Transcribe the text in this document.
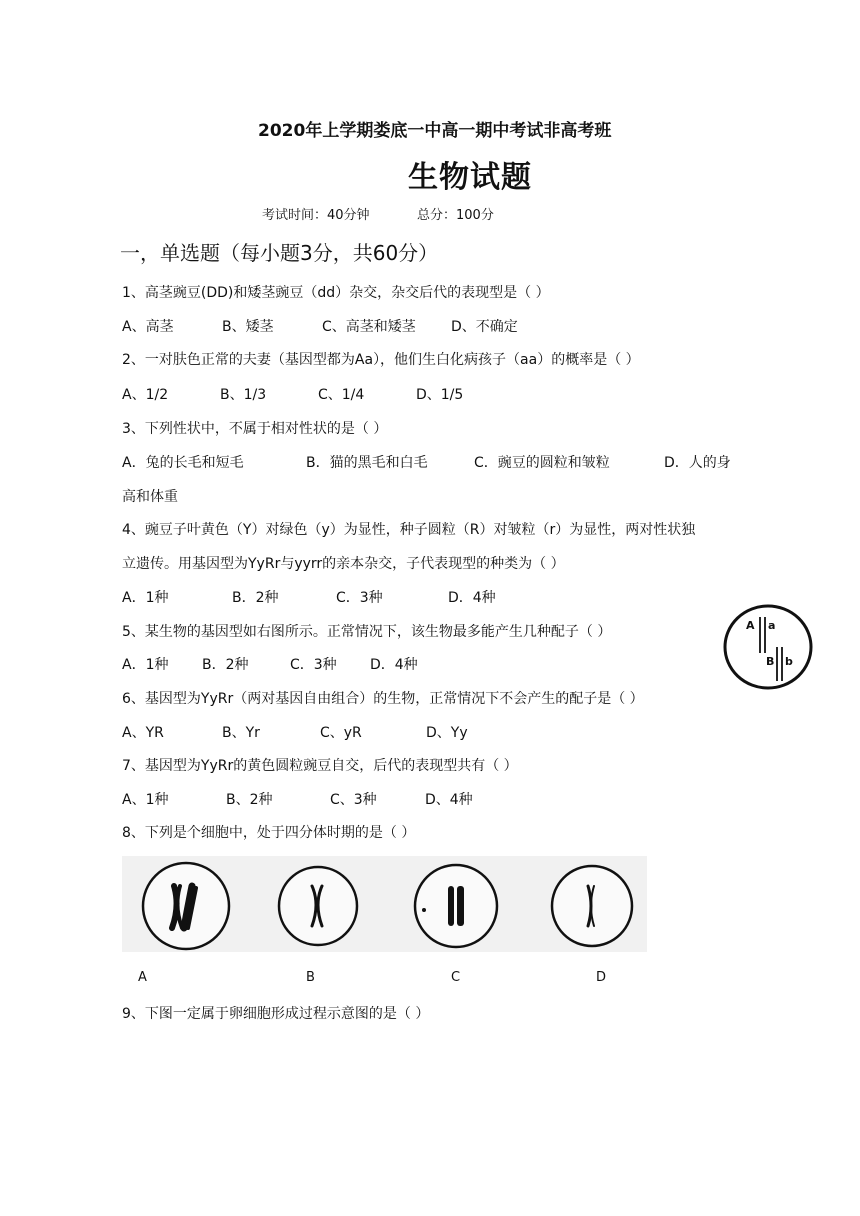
2020年上学期娄底一中高一期中考试非高考班
生物试题
考试时间：40分钟	总分：100分
一，单选题（每小题3分，共60分）
1、高茎豌豆(DD)和矮茎豌豆（dd）杂交，杂交后代的表现型是（ ）
A、高茎	B、矮茎	C、高茎和矮茎	D、不确定
2、一对肤色正常的夫妻（基因型都为Aa），他们生白化病孩子（aa）的概率是（ ）
A、1/2	B、1/3	C、1/4	D、1/5
3、下列性状中，不属于相对性状的是（ ）
A．兔的长毛和短毛	B．猫的黑毛和白毛	C．豌豆的圆粒和皱粒	D．人的身
高和体重
4、豌豆子叶黄色（Y）对绿色（y）为显性，种子圆粒（R）对皱粒（r）为显性，两对性状独
立遗传。用基因型为YyRr与yyrr的亲本杂交，子代表现型的种类为（ ）
A．1种	B．2种	C．3种	D．4种
5、某生物的基因型如右图所示。正常情况下，该生物最多能产生几种配子（ ）
A．1种 B．2种	C．3种 D．4种
A a
B b
6、基因型为YyRr（两对基因自由组合）的生物，正常情况下不会产生的配子是（ ）
A、YR	B、Yr	C、yR	D、Yy
7、基因型为YyRr的黄色圆粒豌豆自交，后代的表现型共有（ ）
A、1种	B、2种	C、3种	D、4种
8、下列是个细胞中，处于四分体时期的是（ ）
A	B	C	D
9、下图一定属于卵细胞形成过程示意图的是（ ）
